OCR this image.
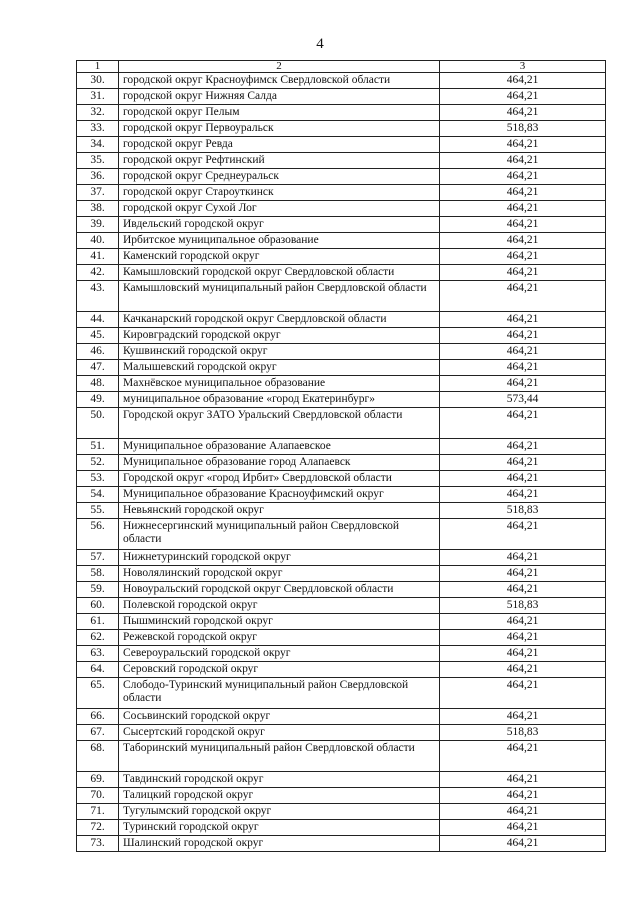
4
1	2	3
30.	городской округ Красноуфимск Свердловской области	464,21
31.	городской округ Нижняя Салда	464,21
32.	городской округ Пелым	464,21
33.	городской округ Первоуральск	518,83
34.	городской округ Ревда	464,21
35.	городской округ Рефтинский	464,21
36.	городской округ Среднеуральск	464,21
37.	городской округ Староуткинск	464,21
38.	городской округ Сухой Лог	464,21
39.	Ивдельский городской округ	464,21
40.	Ирбитское муниципальное образование	464,21
41.	Каменский городской округ	464,21
42.	Камышловский городской округ Свердловской области	464,21
43.	Камышловский муниципальный район Свердловской области	464,21
44.	Качканарский городской округ Свердловской области	464,21
45.	Кировградский городской округ	464,21
46.	Кушвинский городской округ	464,21
47.	Малышевский городской округ	464,21
48.	Махнёвское муниципальное образование	464,21
49.	муниципальное образование «город Екатеринбург»	573,44
50.	Городской округ ЗАТО Уральский Свердловской области	464,21
51.	Муниципальное образование Алапаевское	464,21
52.	Муниципальное образование город Алапаевск	464,21
53.	Городской округ «город Ирбит» Свердловской области	464,21
54.	Муниципальное образование Красноуфимский округ	464,21
55.	Невьянский городской округ	518,83
56.	Нижнесергинский муниципальный район Свердловской области	464,21
57.	Нижнетуринский городской округ	464,21
58.	Новолялинский городской округ	464,21
59.	Новоуральский городской округ Свердловской области	464,21
60.	Полевской городской округ	518,83
61.	Пышминский городской округ	464,21
62.	Режевской городской округ	464,21
63.	Североуральский городской округ	464,21
64.	Серовский городской округ	464,21
65.	Слободо-Туринский муниципальный район Свердловской области	464,21
66.	Сосьвинский городской округ	464,21
67.	Сысертский городской округ	518,83
68.	Таборинский муниципальный район Свердловской области	464,21
69.	Тавдинский городской округ	464,21
70.	Талицкий городской округ	464,21
71.	Тугулымский городской округ	464,21
72.	Туринский городской округ	464,21
73.	Шалинский городской округ	464,21
